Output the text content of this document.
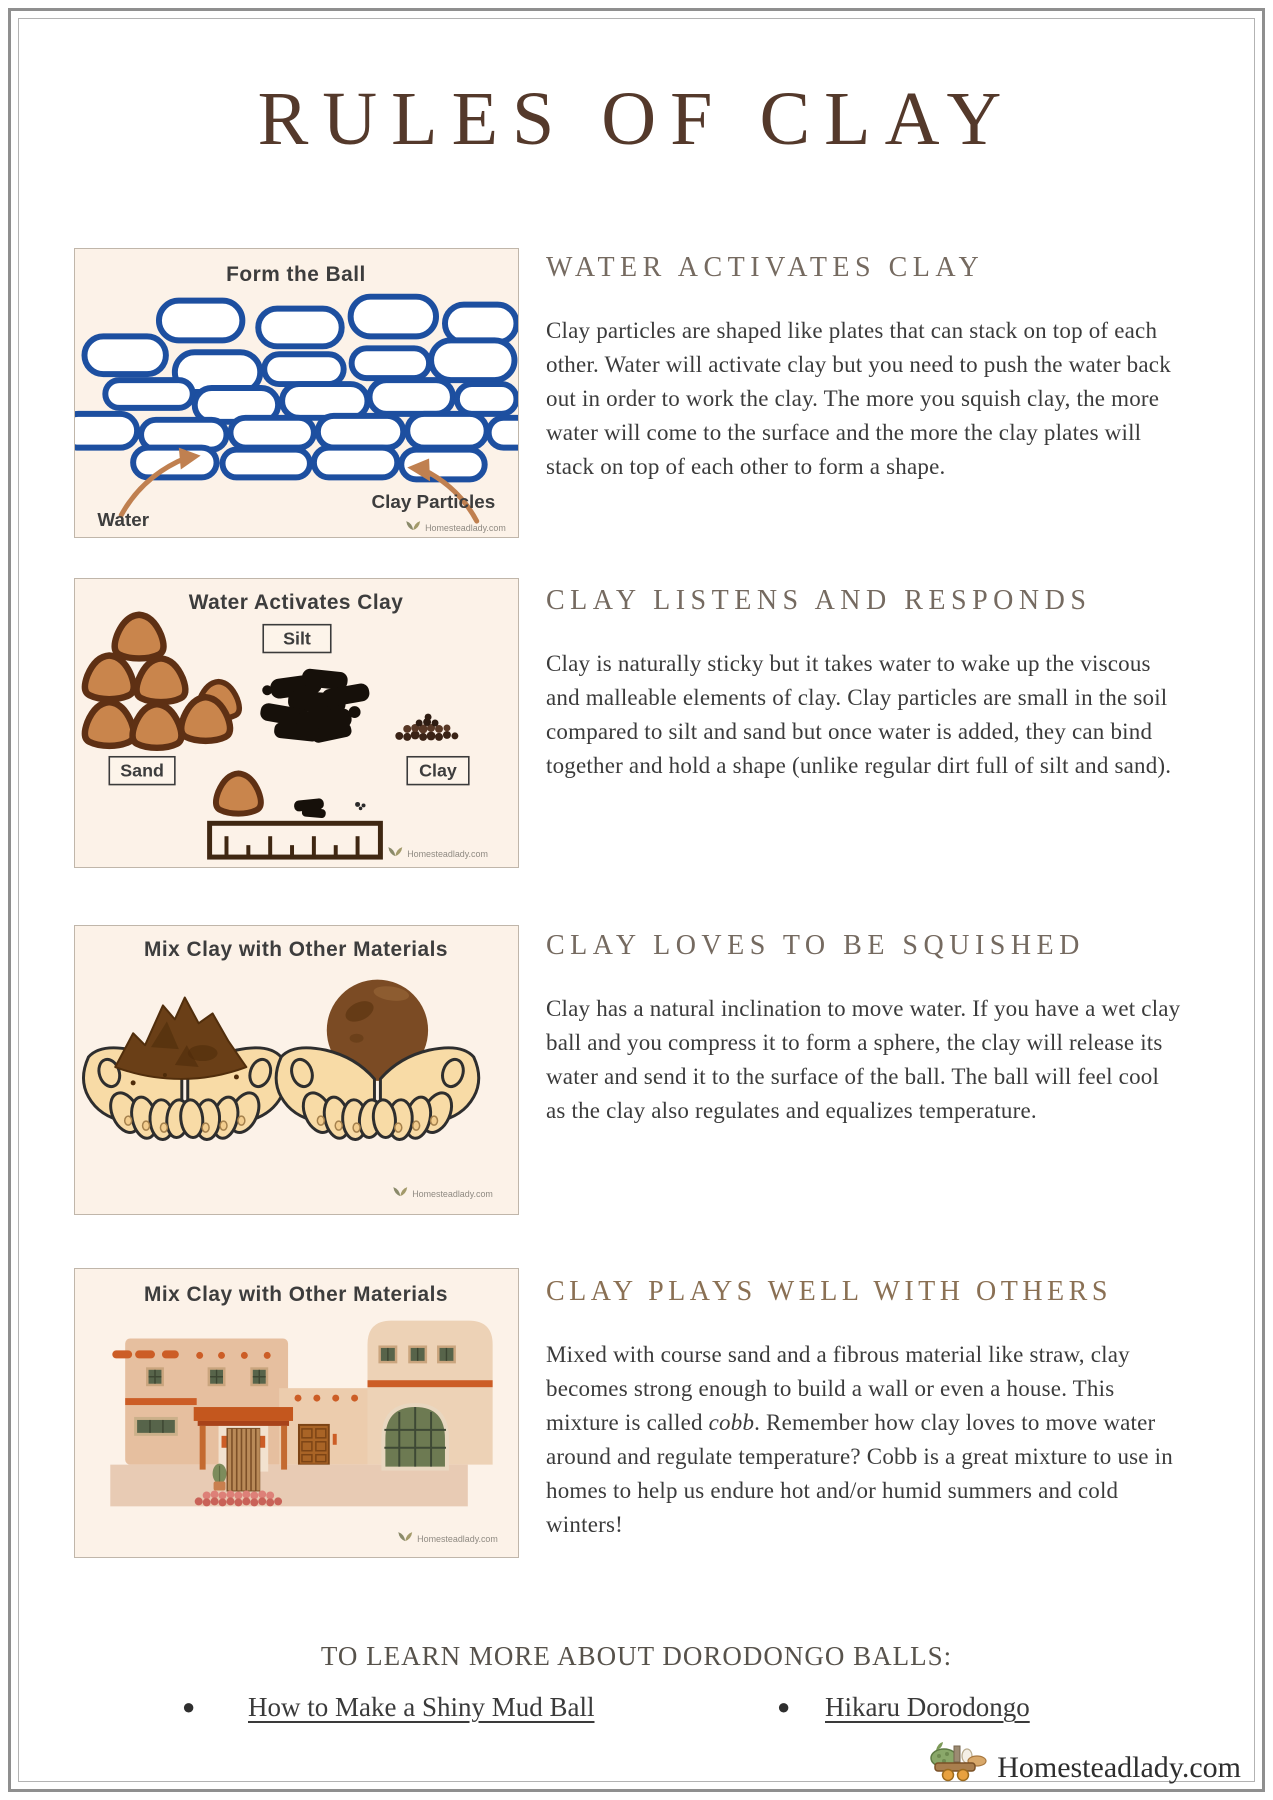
RULES OF CLAY
Form the Ball
Water
Clay Particles
Homesteadlady.com
WATER ACTIVATES CLAY

Clay particles are shaped like plates that can stack on top of each other. Water will activate clay but you need to push the water back out in order to work the clay. The more you squish clay, the more water will come to the surface and the more the clay plates will stack on top of each other to form a shape.

Water Activates Clay
Silt
Sand	Clay
Homesteadlady.com
CLAY LISTENS AND RESPONDS

Clay is naturally sticky but it takes water to wake up the viscous and malleable elements of clay. Clay particles are small in the soil compared to silt and sand but once water is added, they can bind together and hold a shape (unlike regular dirt full of silt and sand).

Mix Clay with Other Materials
Homesteadlady.com
CLAY LOVES TO BE SQUISHED

Clay has a natural inclination to move water. If you have a wet clay ball and you compress it to form a sphere, the clay will release its water and send it to the surface of the ball. The ball will feel cool as the clay also regulates and equalizes temperature.

Mix Clay with Other Materials
Homesteadlady.com
CLAY PLAYS WELL WITH OTHERS

Mixed with course sand and a fibrous material like straw, clay becomes strong enough to build a wall or even a house. This mixture is called cobb. Remember how clay loves to move water around and regulate temperature? Cobb is a great mixture to use in homes to help us endure hot and/or humid summers and cold winters!

TO LEARN MORE ABOUT DORODONGO BALLS:
● How to Make a Shiny Mud Ball	● Hikaru Dorodongo
Homesteadlady.com
